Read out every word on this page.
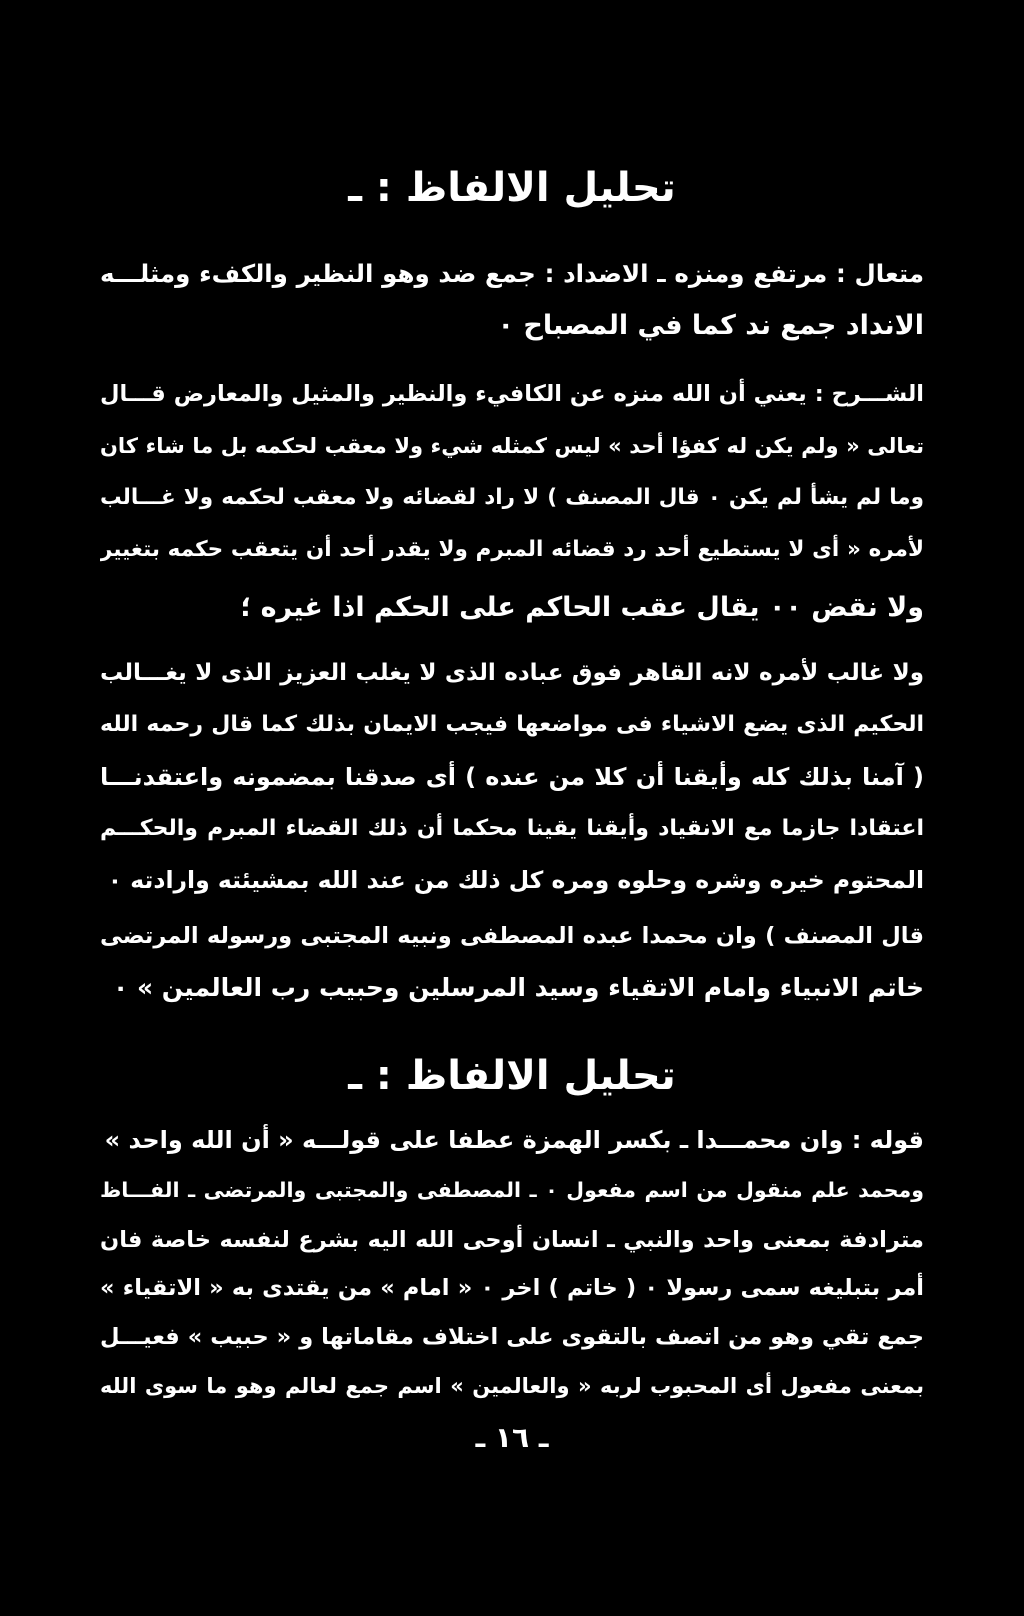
تحليل الالفاظ : ـ
متعال : مرتفع ومنزه ـ الاضداد : جمع ضد وهو النظير والكفء ومثلـــه
الانداد جمع ند كما في المصباح ٠
الشـــرح : يعني أن الله منزه عن الكافيء والنظير والمثيل والمعارض قـــال
تعالى « ولم يكن له كفؤا أحد » ليس كمثله شيء ولا معقب لحكمه بل ما شاء كان
وما لم يشأ لم يكن ٠ قال المصنف ) لا راد لقضائه ولا معقب لحكمه ولا غـــالب
لأمره « أى لا يستطيع أحد رد قضائه المبرم ولا يقدر أحد أن يتعقب حكمه بتغيير
ولا نقض ٠٠ يقال عقب الحاكم على الحكم اذا غيره ؛
ولا غالب لأمره لانه القاهر فوق عباده الذى لا يغلب العزيز الذى لا يغـــالب
الحكيم الذى يضع الاشياء فى مواضعها فيجب الايمان بذلك كما قال رحمه الله
( آمنا بذلك كله وأيقنا أن كلا من عنده ) أى صدقنا بمضمونه واعتقدنـــا
اعتقادا جازما مع الانقياد وأيقنا يقينا محكما أن ذلك القضاء المبرم والحكـــم
المحتوم خيره وشره وحلوه ومره كل ذلك من عند الله بمشيئته وارادته ٠
قال المصنف ) وان محمدا عبده المصطفى ونبيه المجتبى ورسوله المرتضى
خاتم الانبياء وامام الاتقياء وسيد المرسلين وحبيب رب العالمين » ٠
تحليل الالفاظ : ـ
قوله : وان محمـــدا ـ بكسر الهمزة عطفا على قولـــه « أن الله واحد »
ومحمد علم منقول من اسم مفعول ٠ ـ المصطفى والمجتبى والمرتضى ـ الفـــاظ
مترادفة بمعنى واحد والنبي ـ انسان أوحى الله اليه بشرع لنفسه خاصة فان
أمر بتبليغه سمى رسولا ٠ ( خاتم ) اخر ٠ « امام » من يقتدى به « الاتقياء »
جمع تقي وهو من اتصف بالتقوى على اختلاف مقاماتها و « حبيب » فعيـــل
بمعنى مفعول أى المحبوب لربه « والعالمين » اسم جمع لعالم وهو ما سوى الله
ـ ١٦ ـ
